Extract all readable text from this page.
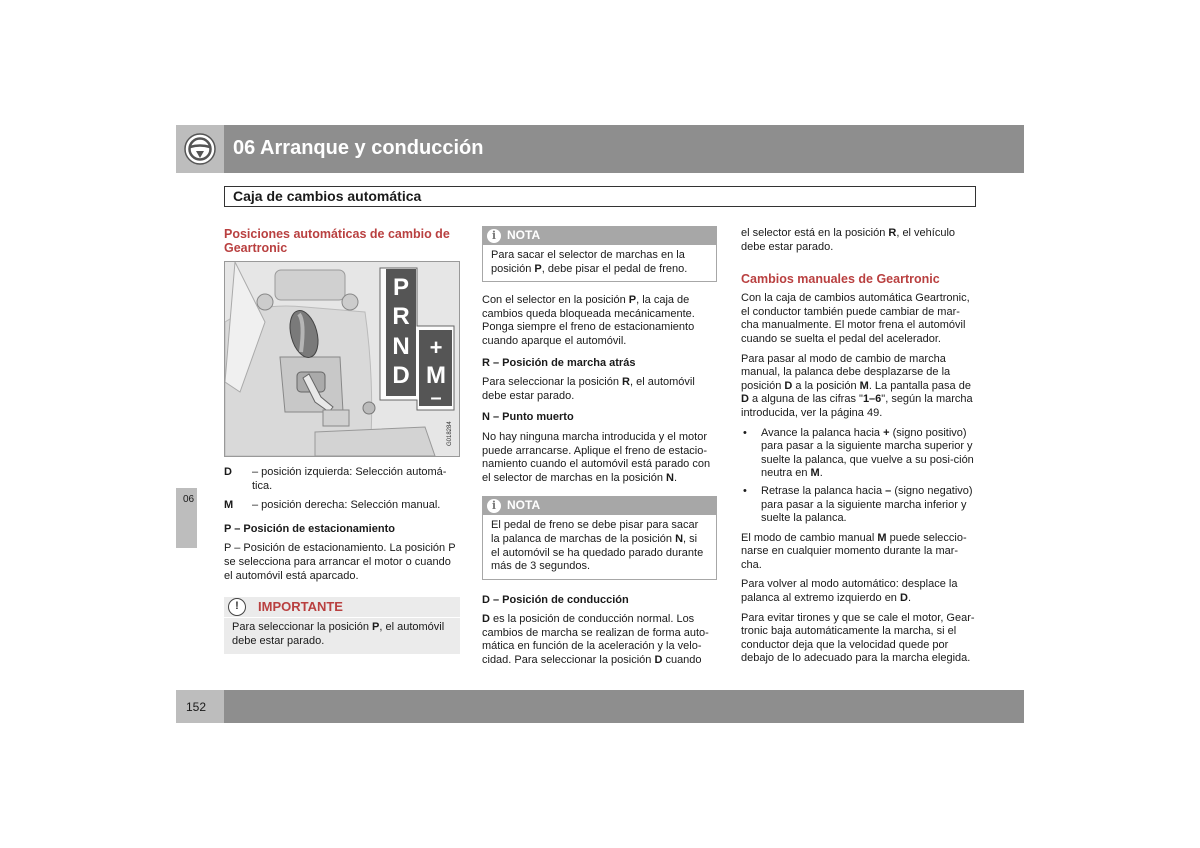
06 Arranque y conducción
Caja de cambios automática
06

Posiciones automáticas de cambio de Geartronic

P
R
N
D
+
M
–
G018284
D	– posición izquierda: Selección automá-tica.
M	– posición derecha: Selección manual.

P – Posición de estacionamiento

P – Posición de estacionamiento. La posición P se selecciona para arrancar el motor o cuando el automóvil está aparcado.

!	IMPORTANTE
Para seleccionar la posición P, el automóvil debe estar parado.
i NOTA
Para sacar el selector de marchas en la posición P, debe pisar el pedal de freno.

Con el selector en la posición P, la caja de cambios queda bloqueada mecánicamente. Ponga siempre el freno de estacionamiento cuando aparque el automóvil.

R – Posición de marcha atrás

Para seleccionar la posición R, el automóvil debe estar parado.

N – Punto muerto

No hay ninguna marcha introducida y el motor puede arrancarse. Aplique el freno de estacio-namiento cuando el automóvil está parado con el selector de marchas en la posición N.

i NOTA
El pedal de freno se debe pisar para sacar la palanca de marchas de la posición N, si el automóvil se ha quedado parado durante más de 3 segundos.

D – Posición de conducción

D es la posición de conducción normal. Los cambios de marcha se realizan de forma auto-mática en función de la aceleración y la velo-cidad. Para seleccionar la posición D cuando

el selector está en la posición R, el vehículo debe estar parado.

Cambios manuales de Geartronic

Con la caja de cambios automática Geartronic, el conductor también puede cambiar de mar-cha manualmente. El motor frena el automóvil cuando se suelta el pedal del acelerador.

Para pasar al modo de cambio de marcha manual, la palanca debe desplazarse de la posición D a la posición M. La pantalla pasa de D a alguna de las cifras "1–6", según la marcha introducida, ver la página 49.

• Avance la palanca hacia + (signo positivo) para pasar a la siguiente marcha superior y suelte la palanca, que vuelve a su posi-ción neutra en M.
• Retrase la palanca hacia – (signo negativo) para pasar a la siguiente marcha inferior y suelte la palanca.

El modo de cambio manual M puede seleccio-narse en cualquier momento durante la mar-cha.

Para volver al modo automático: desplace la palanca al extremo izquierdo en D.

Para evitar tirones y que se cale el motor, Gear-tronic baja automáticamente la marcha, si el conductor deja que la velocidad quede por debajo de lo adecuado para la marcha elegida.

152
